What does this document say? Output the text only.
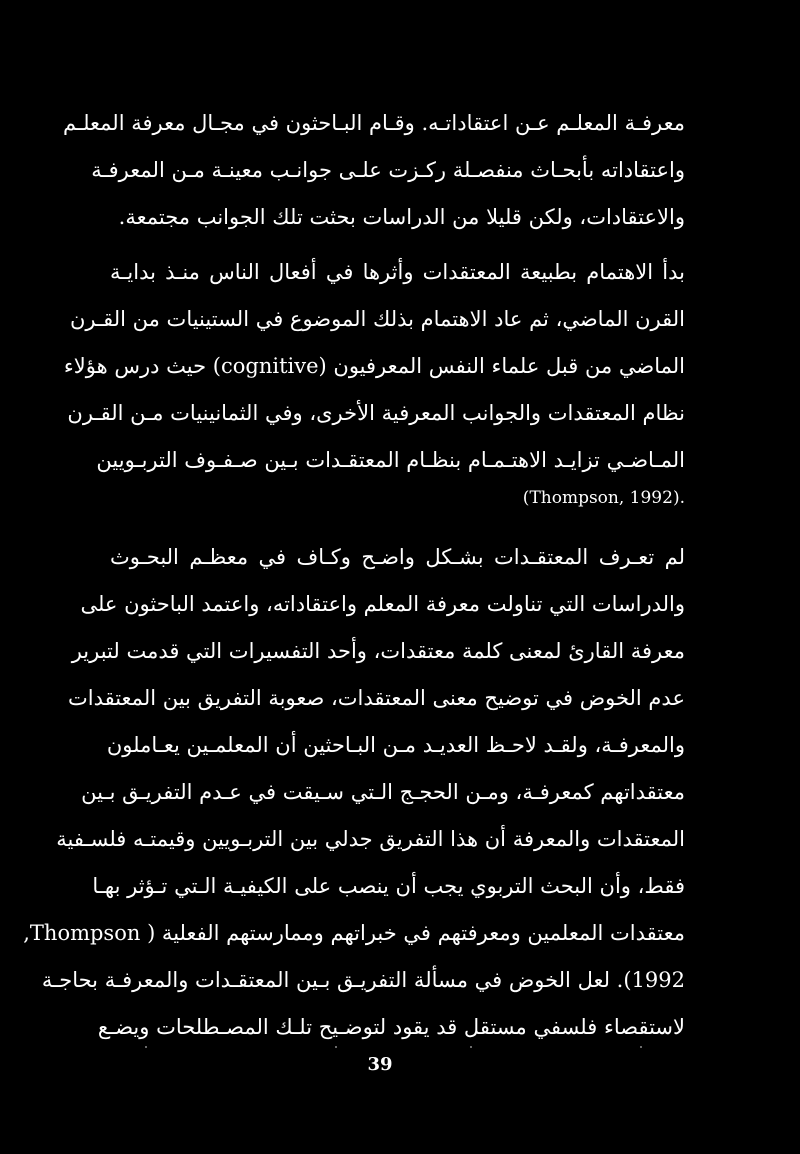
معرفـة المعلـم عـن اعتقاداتـه. وقـام البـاحثون في مجـال معرفة المعلـم
واعتقاداته بأبحـاث منفصـلة ركـزت علـى جوانـب معينـة مـن المعرفـة
والاعتقادات، ولكن قليلا من الدراسات بحثت تلك الجوانب مجتمعة.
بدأ الاهتمام بطبيعة المعتقدات وأثرها في أفعال الناس منـذ بدايـة
القرن الماضي، ثم عاد الاهتمام بذلك الموضوع في الستينيات من القـرن
الماضي من قبل علماء النفس المعرفيون (cognitive) حيث درس هؤلاء
نظام المعتقدات والجوانب المعرفية الأخرى، وفي الثمانينيات مـن القـرن
المـاضـي تزايـد الاهتـمـام بنظـام المعتقـدات بـين صـفـوف التربـويين
.(Thompson, 1992)
لم تعـرف المعتقـدات بشـكل واضـح وكـاف في معظـم البحـوث
والدراسات التي تناولت معرفة المعلم واعتقاداته، واعتمد الباحثون على
معرفة القارئ لمعنى كلمة معتقدات، وأحد التفسيرات التي قدمت لتبرير
عدم الخوض في توضيح معنى المعتقدات، صعوبة التفريق بين المعتقدات
والمعرفـة، ولقـد لاحـظ العديـد مـن البـاحثين أن المعلمـين يعـاملون
معتقداتهم كمعرفـة، ومـن الحجـج الـتي سـيقت في عـدم التفريـق بـين
المعتقدات والمعرفة أن هذا التفريق جدلي بين التربـويين وقيمتـه فلسـفية
فقط، وأن البحث التربوي يجب أن ينصب على الكيفيـة الـتي تـؤثر بهـا
معتقدات المعلمين ومعرفتهم في خبراتهم وممارستهم الفعلية ( Thompson,
1992). لعل الخوض في مسألة التفريـق بـين المعتقـدات والمعرفـة بحاجـة
لاستقصاء فلسفي مستقل قد يقود لتوضـيح تلـك المصـطلحات ويضـع
39
